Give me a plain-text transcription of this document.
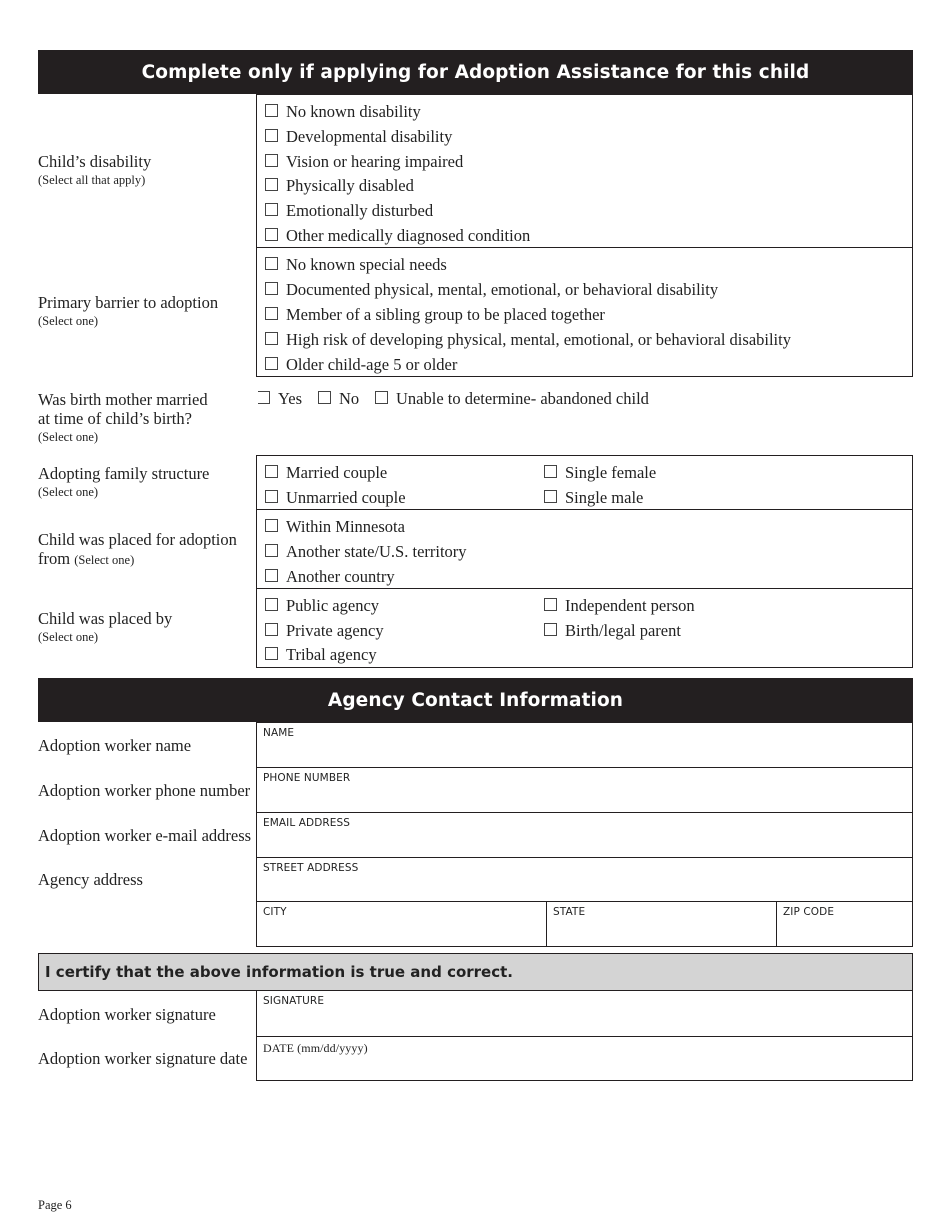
Complete only if applying for Adoption Assistance for this child
Child’s disability
(Select all that apply)
No known disability
Developmental disability
Vision or hearing impaired
Physically disabled
Emotionally disturbed
Other medically diagnosed condition
Primary barrier to adoption
(Select one)
No known special needs
Documented physical, mental, emotional, or behavioral disability
Member of a sibling group to be placed together
High risk of developing physical, mental, emotional, or behavioral disability
Older child-age 5 or older
Was birth mother married
at time of child’s birth?
(Select one)
Yes No Unable to determine- abandoned child
Adopting family structure
(Select one)
Married couple
Unmarried couple
Single female
Single male
Child was placed for adoption
from (Select one)
Within Minnesota
Another state/U.S. territory
Another country
Child was placed by
(Select one)
Public agency
Private agency
Tribal agency
Independent person
Birth/legal parent
Agency Contact Information
Adoption worker name
NAME
Adoption worker phone number
PHONE NUMBER
Adoption worker e-mail address
EMAIL ADDRESS
Agency address
STREET ADDRESS
CITY	STATE	ZIP CODE
I certify that the above information is true and correct.
Adoption worker signature
SIGNATURE
Adoption worker signature date
DATE (mm/dd/yyyy)
Page 6
